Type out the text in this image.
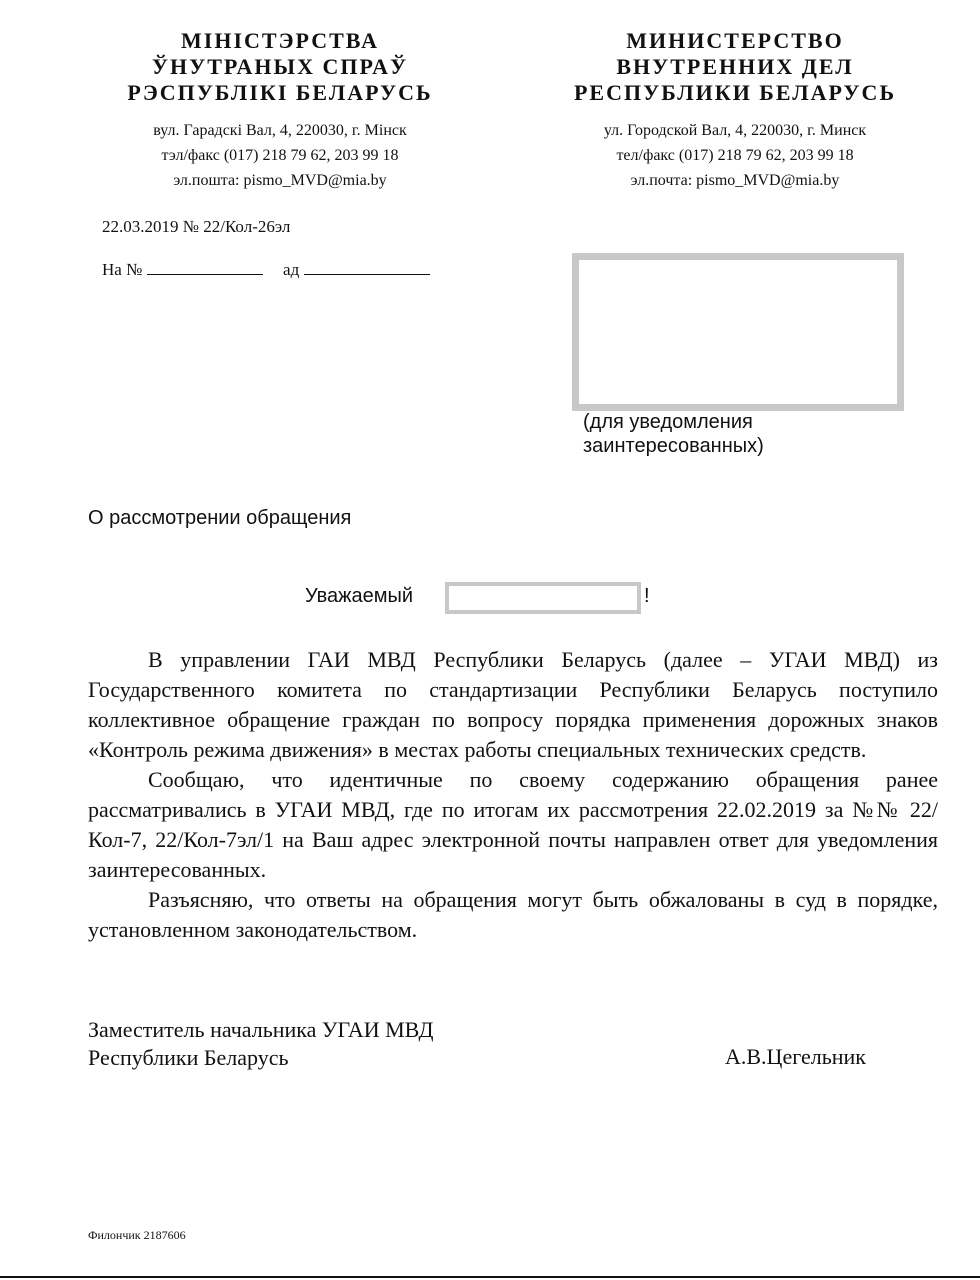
МІНІСТЭРСТВА
ЎНУТРАНЫХ СПРАЎ
РЭСПУБЛІКІ БЕЛАРУСЬ
вул. Гарадскі Вал, 4, 220030, г. Мінск
тэл/факс (017) 218 79 62, 203 99 18
эл.пошта: pismo_MVD@mia.by
МИНИСТЕРСТВО
ВНУТРЕННИХ ДЕЛ
РЕСПУБЛИКИ БЕЛАРУСЬ
ул. Городской Вал, 4, 220030, г. Минск
тел/факс (017) 218 79 62, 203 99 18
эл.почта: pismo_MVD@mia.by
22.03.2019 № 22/Кол-26эл
На №	ад
(для уведомления заинтересованных)
О рассмотрении обращения
Уважаемый	!

В управлении ГАИ МВД Республики Беларусь (далее – УГАИ МВД) из Государственного комитета по стандартизации Республики Беларусь поступило коллективное обращение граждан по вопросу порядка применения дорожных знаков «Контроль режима движения» в местах работы специальных технических средств.

Сообщаю, что идентичные по своему содержанию обращения ранее рассматривались в УГАИ МВД, где по итогам их рассмотрения 22.02.2019 за №№ 22/Кол-7, 22/Кол-7эл/1 на Ваш адрес электронной почты направлен ответ для уведомления заинтересованных.

Разъясняю, что ответы на обращения могут быть обжалованы в суд в порядке, установленном законодательством.

Заместитель начальника УГАИ МВД
Республики Беларусь	А.В.Цегельник
Филончик 2187606
